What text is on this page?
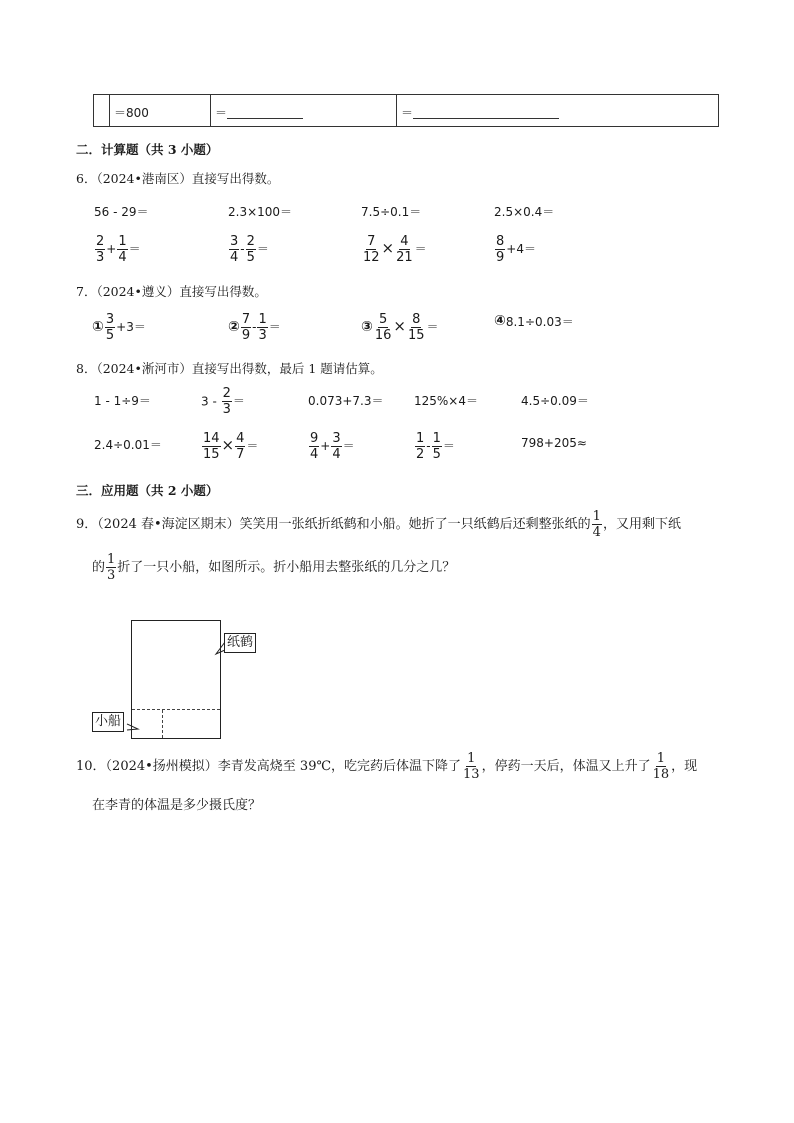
＝800	＝	＝
二．计算题（共 3 小题）
6．（2024•港南区）直接写出得数。
56 - 29＝	2.3×100＝	7.5÷0.1＝	2.5×0.4＝
$\frac{2}{3} + \frac{1}{4}$ ＝	$\frac{3}{4} - \frac{2}{5}$ ＝	$\frac{7}{12} \times \frac{4}{21}$ ＝	$\frac{8}{9} +4=$
7．（2024•遵义）直接写出得数。
① $\frac{3}{5} +3=$	② $\frac{7}{9} - \frac{1}{3}$ ＝	③ $\frac{5}{16} \times \frac{8}{15}$ ＝	④8.1÷0.03＝
8．（2024•淅河市）直接写出得数，最后 1 题请估算。
1 - 1÷9＝	$3 - \frac{2}{3}$ ＝	0.073+7.3＝	125%×4＝	4.5÷0.09＝
2.4÷0.01＝	$\frac{14}{15} \times \frac{4}{7}$ ＝	$\frac{9}{4} + \frac{3}{4}$ ＝	$\frac{1}{2} - \frac{1}{5}$ ＝	798+205≈
三．应用题（共 2 小题）
9．（2024 春•海淀区期末）笑笑用一张纸折纸鹤和小船。她折了一只纸鹤后还剩整张纸的 $\frac{1}{4}$ ，又用剩下纸
的 $\frac{1}{3}$ 折了一只小船，如图所示。折小船用去整张纸的几分之几？
纸鹤
小船
10．（2024•扬州模拟）李青发高烧至 39℃，吃完药后体温下降了 $\frac{1}{13}$ ，停药一天后，体温又上升了 $\frac{1}{18}$ ，现
在李青的体温是多少摄氏度？
